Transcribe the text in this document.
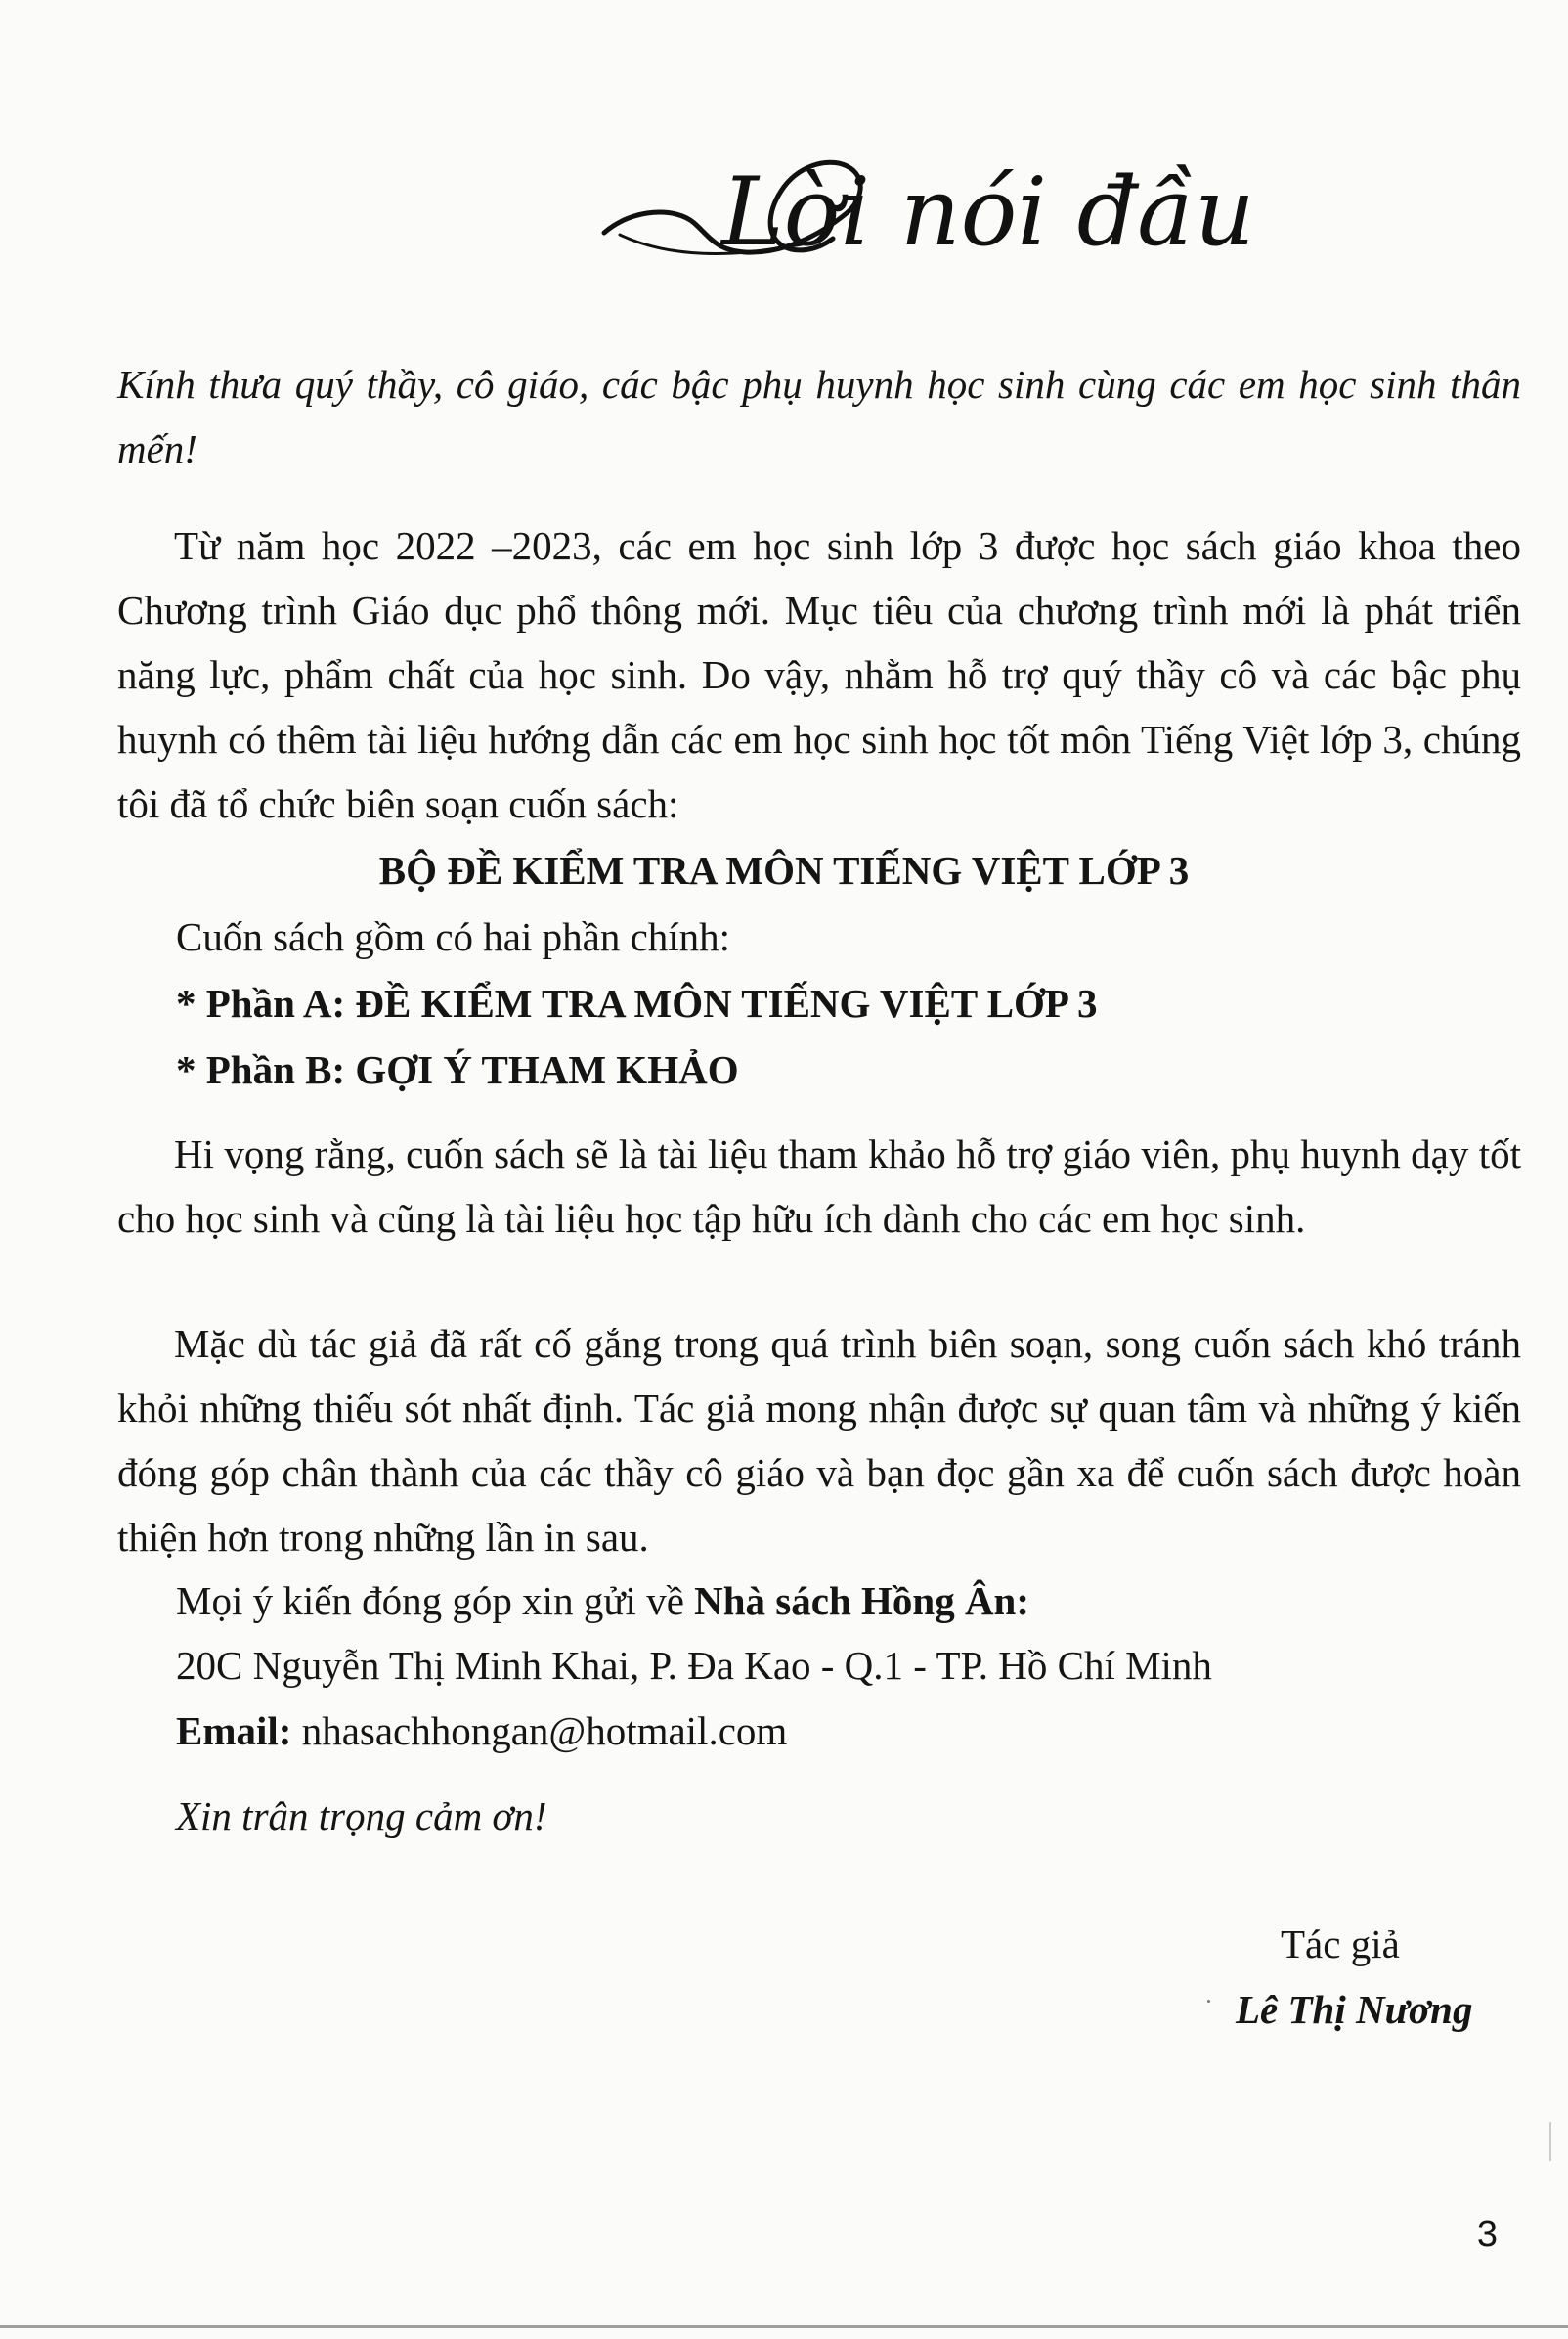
Lời nói đầu
Kính thưa quý thầy, cô giáo, các bậc phụ huynh học sinh cùng các em học sinh thân mến!
Từ năm học 2022 –2023, các em học sinh lớp 3 được học sách giáo khoa theo Chương trình Giáo dục phổ thông mới. Mục tiêu của chương trình mới là phát triển năng lực, phẩm chất của học sinh. Do vậy, nhằm hỗ trợ quý thầy cô và các bậc phụ huynh có thêm tài liệu hướng dẫn các em học sinh học tốt môn Tiếng Việt lớp 3, chúng tôi đã tổ chức biên soạn cuốn sách:
BỘ ĐỀ KIỂM TRA MÔN TIẾNG VIỆT LỚP 3
Cuốn sách gồm có hai phần chính:
* Phần A: ĐỀ KIỂM TRA MÔN TIẾNG VIỆT LỚP 3
* Phần B: GỢI Ý THAM KHẢO
Hi vọng rằng, cuốn sách sẽ là tài liệu tham khảo hỗ trợ giáo viên, phụ huynh dạy tốt cho học sinh và cũng là tài liệu học tập hữu ích dành cho các em học sinh.
Mặc dù tác giả đã rất cố gắng trong quá trình biên soạn, song cuốn sách khó tránh khỏi những thiếu sót nhất định. Tác giả mong nhận được sự quan tâm và những ý kiến đóng góp chân thành của các thầy cô giáo và bạn đọc gần xa để cuốn sách được hoàn thiện hơn trong những lần in sau.
Mọi ý kiến đóng góp xin gửi về Nhà sách Hồng Ân:
20C Nguyễn Thị Minh Khai, P. Đa Kao - Q.1 - TP. Hồ Chí Minh
Email: nhasachhongan@hotmail.com
Xin trân trọng cảm ơn!
Tác giả
Lê Thị Nương
3
